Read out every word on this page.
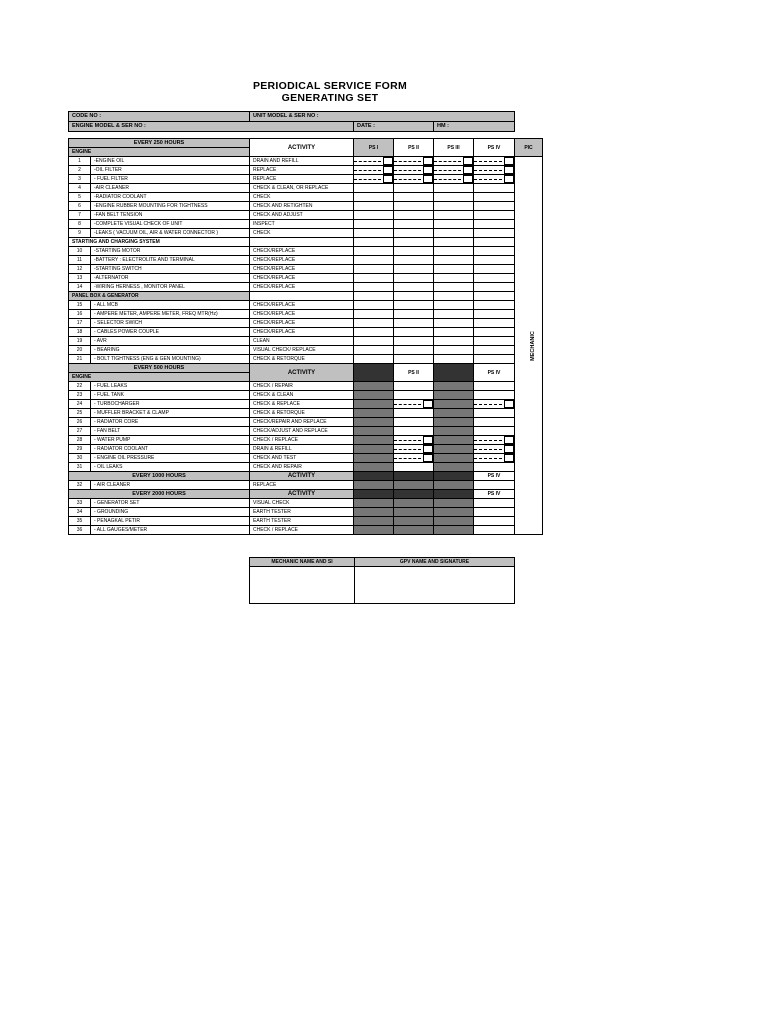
PERIODICAL SERVICE FORM
GENERATING SET
CODE NO :	UNIT MODEL & SER NO :		
ENGINE MODEL & SER NO :		DATE :	HM :
EVERY 250 HOURS		ACTIVITY	PS I	PS II	PS III	PS IV	PIC
ENGINE							
1	-ENGINE OIL	DRAIN AND REFILL					MECHANIC
2	-OIL FILTER	REPLACE		

3	- FUEL FILTER	REPLACE		

4	-AIR CLEANER	CHECK & CLEAN, OR REPLACE					
5	-RADIATOR COOLANT	CHECK					
6	-ENGINE RUBBER MOUNTING FOR TIGHTNESS	CHECK AND RETIGHTEN					
7	-FAN BELT TENSION	CHECK AND ADJUST					
8	-COMPLETE VISUAL CHECK OF UNIT	INSPECT					
9	-LEAKS ( VACUUM OIL, AIR & WATER CONNECTOR )	CHECK					
STARTING AND CHARGING SYSTEM							
10	-STARTING MOTOR	CHECK/REPLACE					
11	-BATTERY : ELECTROLITE AND TERMINAL	CHECK/REPLACE					
12	-STARTING SWITCH	CHECK/REPLACE					
13	-ALTERNATOR	CHECK/REPLACE					
14	-WIRING HERNESS , MONITOR PANEL	CHECK/REPLACE					
PANEL BOX & GENERATOR							
15	- ALL MCB	CHECK/REPLACE					
16	- AMPERE METER, AMPERE METER, FREQ MTR(Hz)	CHECK/REPLACE					
17	- SELECTOR SWICH	CHECK/REPLACE					
18	- CABLES POWER COUPLE	CHECK/REPLACE					
19	- AVR	CLEAN					
20	- BEARING	VISUAL CHECK/ REPLACE					
21	- BOLT TIGHTNESS (ENG & GEN MOUNTING)	CHECK & RETORQUE					
EVERY 500 HOURS		ACTIVITY		PS II		PS IV	
ENGINE							
22	- FUEL LEAKS	CHECK / REPAIR					
23	- FUEL TANK	CHECK & CLEAN					
24	- TURBOCHARGER	CHECK & REPLACE			

25	- MUFFLER BRACKET & CLAMP	CHECK & RETORQUE					
26	- RADIATOR CORE	CHECK/REPAIR AND REPLACE					
27	- FAN BELT	CHECK/ADJUST AND REPLACE					
28	- WATER PUMP	CHECK / REPLACE			

29	- RADIATOR COOLANT	DRAIN & REFILL			

30	- ENGINE OIL PRESSURE	CHECK AND TEST			

31	- OIL LEAKS	CHECK AND REPAIR					
EVERY 1000 HOURS		ACTIVITY				PS IV	
32	- AIR CLEANER	REPLACE					
EVERY 2000 HOURS		ACTIVITY				PS IV	
33	- GENERATOR SET	VISUAL CHECK					
34	- GROUNDING	EARTH TESTER					
35	- PENAGKAL PETIR	EARTH TESTER					
36	- ALL GAUGES/METER	CHECK / REPLACE					
MECHANIC NAME AND SI	GPV NAME AND SIGNATURE
